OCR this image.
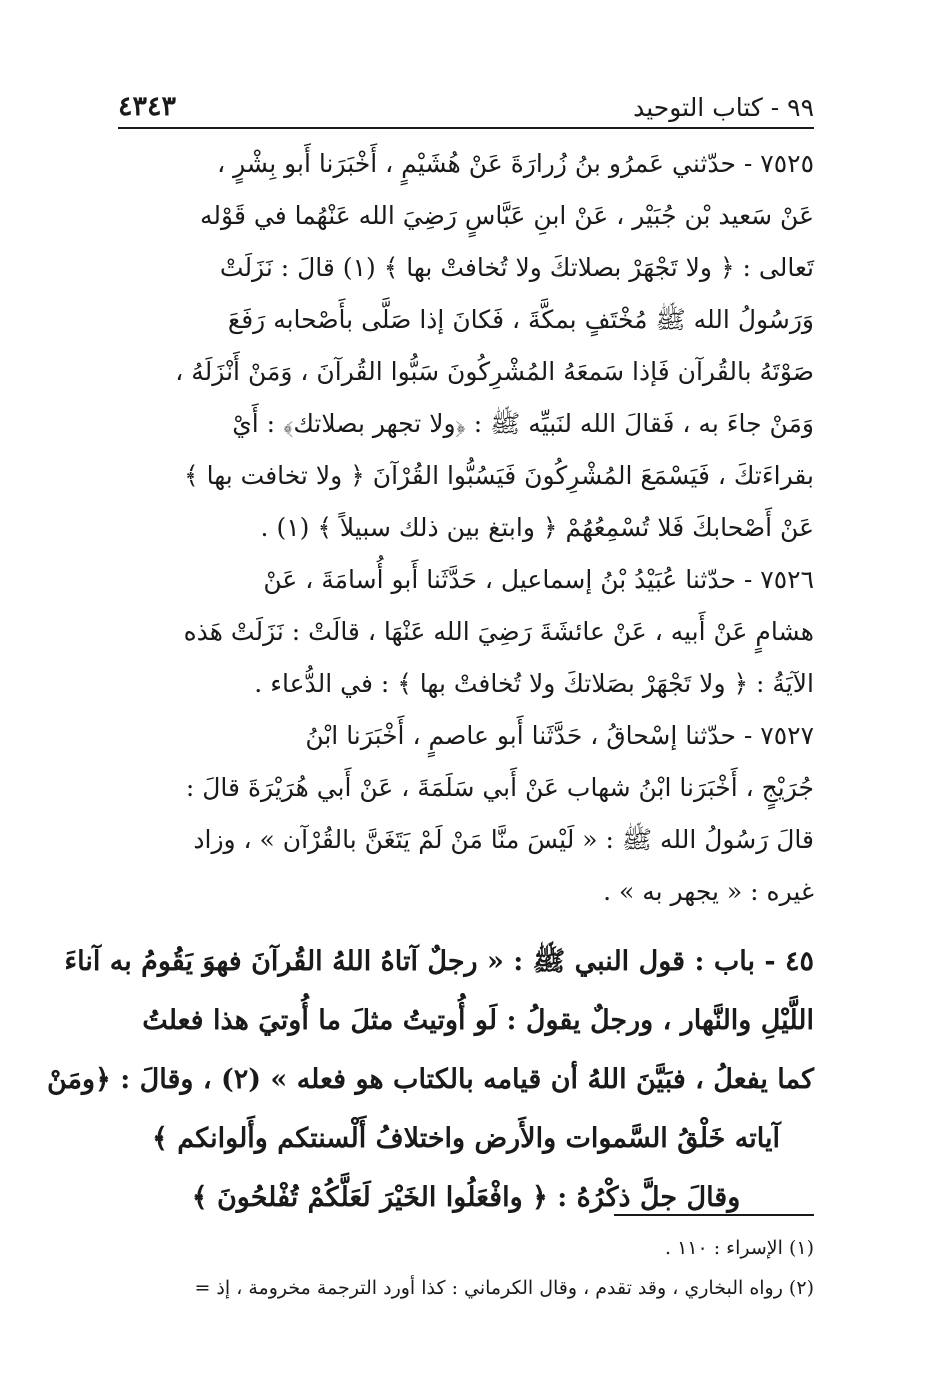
٩٩ - كتاب التوحيد
٤٣٤٣

٧٥٢٥ - حدّثني عَمرُو بنُ زُرارَةَ عَنْ هُشَيْمٍ ، أَخْبَرَنا أَبو بِشْرٍ ،

عَنْ سَعيد بْن جُبَيْر ، عَنْ ابنِ عَبَّاسٍ رَضِيَ الله عَنْهُما في قَوْله

تَعالى : ﴿ ولا تَجْهَرْ بصلاتكَ ولا تُخافتْ بها ﴾ (١) قالَ : نَزَلَتْ

وَرَسُولُ الله ﷺ مُخْتَفٍ بمكَّةَ ، فَكانَ إذا صَلَّى بأَصْحابه رَفَعَ

صَوْتَهُ بالقُرآن فَإذا سَمعَهُ المُشْرِكُونَ سَبُّوا القُرآنَ ، وَمَنْ أَنْزَلَهُ ،

وَمَنْ جاءَ به ، فَقالَ الله لنَبيِّه ﷺ : ﴿ولا تجهر بصلاتك﴾ : أَيْ

بقراءَتكَ ، فَيَسْمَعَ المُشْرِكُونَ فَيَسُبُّوا القُرْآنَ ﴿ ولا تخافت بها ﴾

عَنْ أَصْحابكَ فَلا تُسْمِعُهُمْ ﴿ وابتغ بين ذلك سبيلاً ﴾ (١) .

٧٥٢٦ - حدّثنا عُبَيْدُ بْنُ إسماعيل ، حَدَّثَنا أَبو أُسامَةَ ، عَنْ

هشامٍ عَنْ أَبيه ، عَنْ عائشَةَ رَضِيَ الله عَنْهَا ، قالَتْ : نَزَلَتْ هَذه

الآيَةُ : ﴿ ولا تَجْهَرْ بصَلاتكَ ولا تُخافتْ بها ﴾ : في الدُّعاء .

٧٥٢٧ - حدّثنا إسْحاقُ ، حَدَّثَنا أَبو عاصمٍ ، أَخْبَرَنا ابْنُ

جُرَيْجٍ ، أَخْبَرَنا ابْنُ شهاب عَنْ أَبي سَلَمَةَ ، عَنْ أَبي هُرَيْرَةَ قالَ :

قالَ رَسُولُ الله ﷺ : « لَيْسَ منَّا مَنْ لَمْ يَتَغَنَّ بالقُرْآن » ، وزاد

غيره : « يجهر به » .

٤٥ - باب : قول النبي ﷺ : « رجلٌ آتاهُ اللهُ القُرآنَ فهوَ يَقُومُ به آناءَ

اللَّيْلِ والنَّهار ، ورجلٌ يقولُ : لَو أُوتيتُ مثلَ ما أُوتيَ هذا فعلتُ

كما يفعلُ ، فبَيَّنَ اللهُ أن قيامه بالكتاب هو فعله » (٢) ، وقالَ : ﴿ومَنْ

آياته خَلْقُ السَّموات والأَرض واختلافُ أَلْسنتكم وأَلوانكم ﴾

وقالَ جلَّ ذكْرُهُ : ﴿ وافْعَلُوا الخَيْرَ لَعَلَّكُمْ تُفْلحُونَ ﴾

(١) الإسراء : ١١٠ .

(٢) رواه البخاري ، وقد تقدم ، وقال الكرماني : كذا أورد الترجمة مخرومة ، إذ =
